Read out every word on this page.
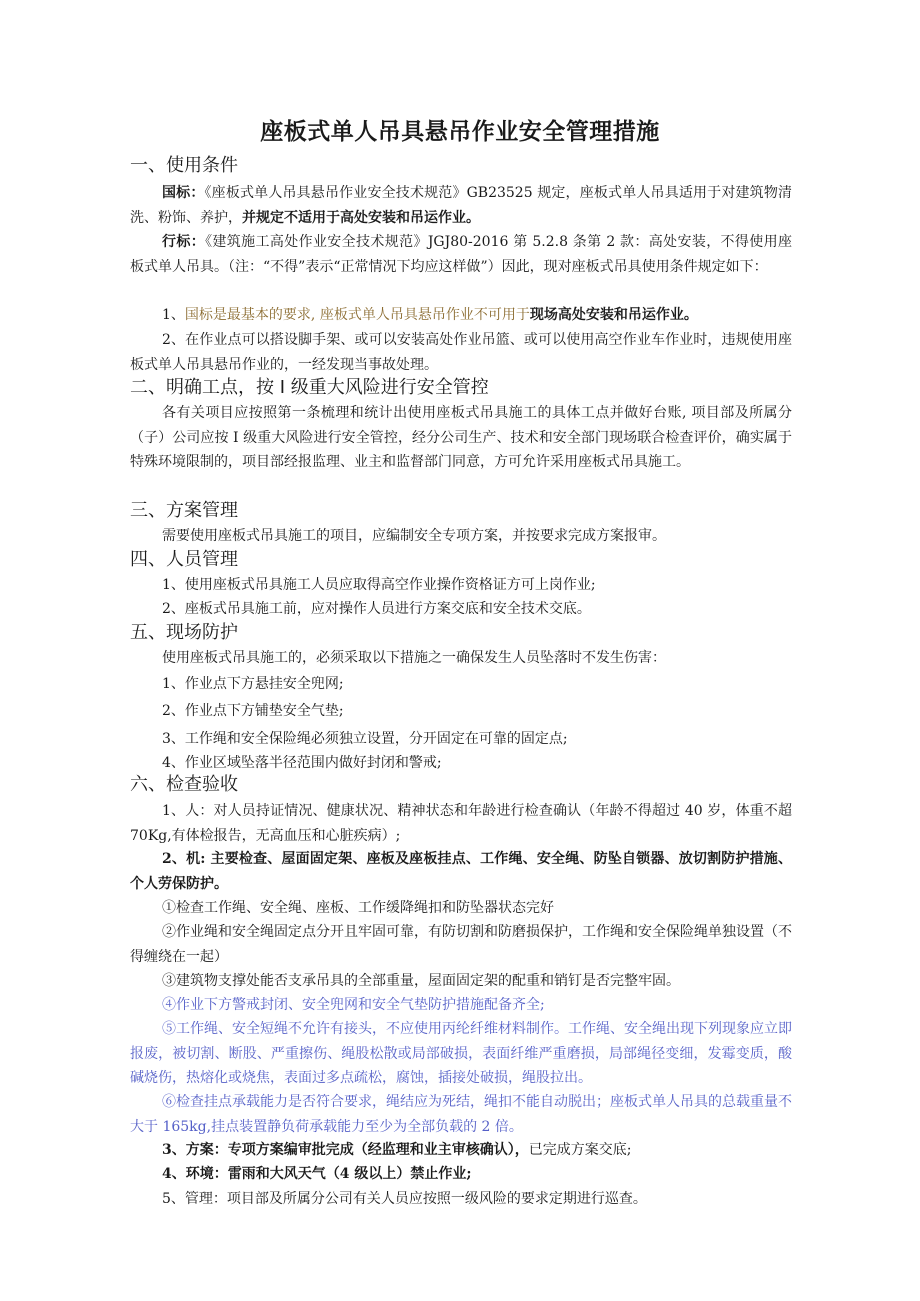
座板式单人吊具悬吊作业安全管理措施
一、使用条件
国标：《座板式单人吊具悬吊作业安全技术规范》GB23525 规定，座板式单人吊具适用于对建筑物清洗、粉饰、养护，并规定不适用于高处安装和吊运作业。
行标：《建筑施工高处作业安全技术规范》JGJ80-2016 第 5.2.8 条第 2 款：高处安装，不得使用座板式单人吊具。（注：“不得”表示“正常情况下均应这样做”）因此，现对座板式吊具使用条件规定如下：
1、国标是最基本的要求, 座板式单人吊具悬吊作业不可用于现场高处安装和吊运作业。
2、在作业点可以搭设脚手架、或可以安装高处作业吊篮、或可以使用高空作业车作业时，违规使用座板式单人吊具悬吊作业的，一经发现当事故处理。
二、明确工点，按 I 级重大风险进行安全管控
各有关项目应按照第一条梳理和统计出使用座板式吊具施工的具体工点并做好台账, 项目部及所属分（子）公司应按 I 级重大风险进行安全管控，经分公司生产、技术和安全部门现场联合检查评价，确实属于特殊环境限制的，项目部经报监理、业主和监督部门同意，方可允许采用座板式吊具施工。
三、方案管理
需要使用座板式吊具施工的项目，应编制安全专项方案，并按要求完成方案报审。
四、人员管理
1、使用座板式吊具施工人员应取得高空作业操作资格证方可上岗作业;
2、座板式吊具施工前，应对操作人员进行方案交底和安全技术交底。
五、现场防护
使用座板式吊具施工的，必须采取以下措施之一确保发生人员坠落时不发生伤害：
1、作业点下方悬挂安全兜网;
2、作业点下方铺垫安全气垫;
3、工作绳和安全保险绳必须独立设置，分开固定在可靠的固定点;
4、作业区域坠落半径范围内做好封闭和警戒;
六、检查验收
1、人：对人员持证情况、健康状况、精神状态和年龄进行检查确认（年龄不得超过 40 岁，体重不超 70Kg,有体检报告，无高血压和心脏疾病）;
2、机: 主要检查、屋面固定架、座板及座板挂点、工作绳、安全绳、防坠自锁器、放切割防护措施、个人劳保防护。
①检查工作绳、安全绳、座板、工作缓降绳扣和防坠器状态完好
②作业绳和安全绳固定点分开且牢固可靠，有防切割和防磨损保护，工作绳和安全保险绳单独设置（不得缠绕在一起）
③建筑物支撑处能否支承吊具的全部重量，屋面固定架的配重和销钉是否完整牢固。
④作业下方警戒封闭、安全兜网和安全气垫防护措施配备齐全;
⑤工作绳、安全短绳不允许有接头，不应使用丙纶纤维材料制作。工作绳、安全绳出现下列现象应立即报废，被切割、断股、严重擦伤、绳股松散或局部破损，表面纤维严重磨损，局部绳径变细，发霉变质，酸碱烧伤，热熔化或烧焦，表面过多点疏松，腐蚀，插接处破损，绳股拉出。
⑥检查挂点承载能力是否符合要求，绳结应为死结，绳扣不能自动脱出；座板式单人吊具的总载重量不大于 165kg,挂点装置静负荷承载能力至少为全部负载的 2 倍。
3、方案：专项方案编审批完成（经监理和业主审核确认），已完成方案交底;
4、环境：雷雨和大风天气（4 级以上）禁止作业;
5、管理：项目部及所属分公司有关人员应按照一级风险的要求定期进行巡查。
